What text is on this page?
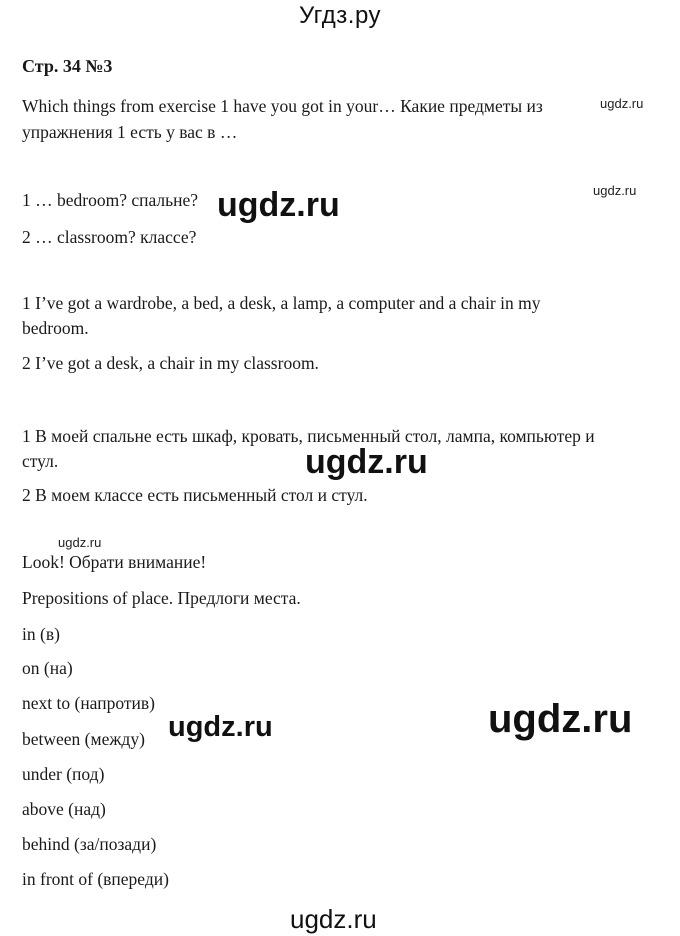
Угдз.ру
Стр. 34 №3
Which things from exercise 1 have you got in your… Какие предметы из	ugdz.ru
упражнения 1 есть у вас в …
ugdz.ru
1 … bedroom? спальне? ugdz.ru
2 … classroom? классе?
1 I’ve got a wardrobe, a bed, a desk, a lamp, a computer and a chair in my
bedroom.
2 I’ve got a desk, a chair in my classroom.
1 В моей спальне есть шкаф, кровать, письменный стол, лампа, компьютер и
стул.	ugdz.ru
2 В моем классе есть письменный стол и стул.
ugdz.ru
Look! Обрати внимание!
Prepositions of place. Предлоги места.
in (в)
on (на)
next to (напротив)
between (между)
under (под)
above (над)
behind (за/позади)
in front of (впереди)
ugdz.ru	ugdz.ru
ugdz.ru
